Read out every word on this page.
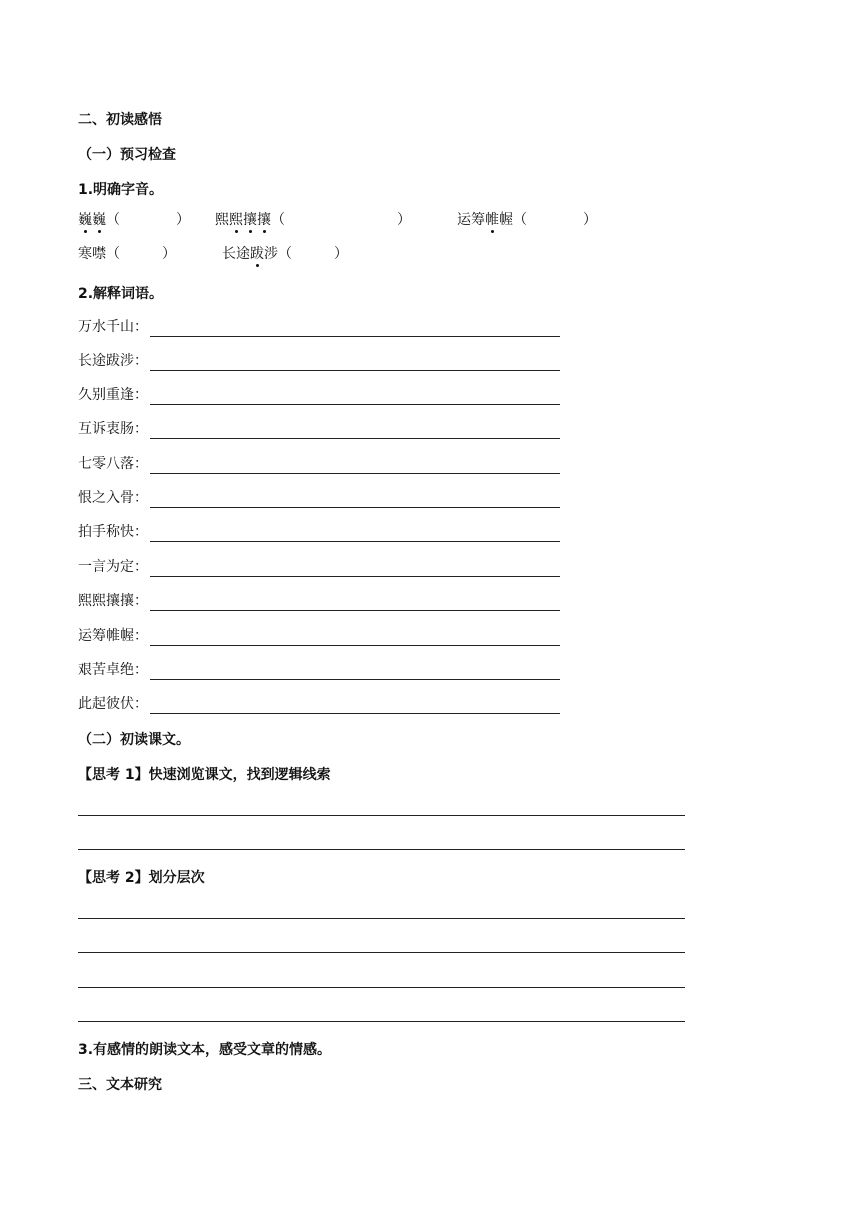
二、初读感悟
（一）预习检查
1.明确字音。
巍巍（　　　　） 熙熙攘攘（　　　　　　　　）	运筹帷幄（　　　　）
寒噤（　　　）	长途跋涉（　　　）
2.解释词语。
万水千山：
长途跋涉：
久别重逢：
互诉衷肠：
七零八落：
恨之入骨：
拍手称快：
一言为定：
熙熙攘攘：
运筹帷幄：
艰苦卓绝：
此起彼伏：
（二）初读课文。
【思考 1】快速浏览课文，找到逻辑线索
【思考 2】划分层次
3.有感情的朗读文本，感受文章的情感。
三、文本研究
